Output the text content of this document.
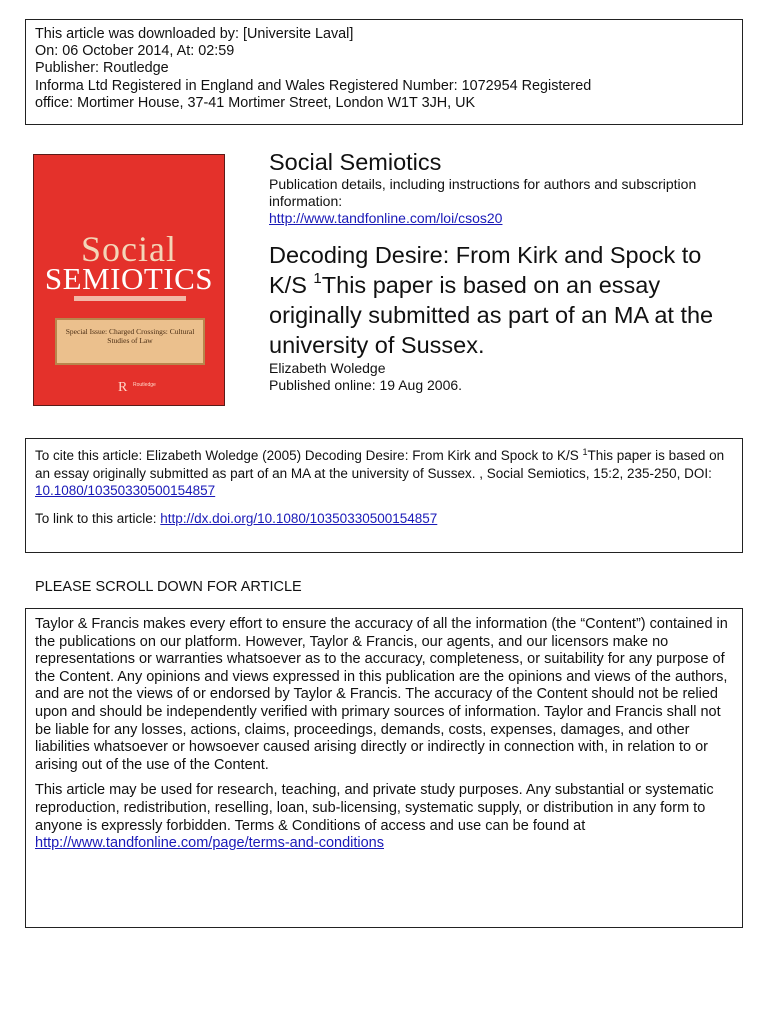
This article was downloaded by: [Universite Laval]
On: 06 October 2014, At: 02:59
Publisher: Routledge
Informa Ltd Registered in England and Wales Registered Number: 1072954 Registered
office: Mortimer House, 37-41 Mortimer Street, London W1T 3JH, UK
Social
SEMIOTICS
Special Issue: Charged Crossings: Cultural Studies of Law
R Routledge
Social Semiotics
Publication details, including instructions for authors and subscription information:
http://www.tandfonline.com/loi/csos20
Decoding Desire: From Kirk and Spock to K/S $^1$This paper is based on an essay originally submitted as part of an MA at the university of Sussex.
Elizabeth Woledge
Published online: 19 Aug 2006.
To cite this article: Elizabeth Woledge (2005) Decoding Desire: From Kirk and Spock to K/S $^1$This paper is based on an essay originally submitted as part of an MA at the university of Sussex. , Social Semiotics, 15:2, 235-250, DOI: 10.1080/10350330500154857
To link to this article: http://dx.doi.org/10.1080/10350330500154857
PLEASE SCROLL DOWN FOR ARTICLE

Taylor & Francis makes every effort to ensure the accuracy of all the information (the “Content”) contained in the publications on our platform. However, Taylor & Francis, our agents, and our licensors make no representations or warranties whatsoever as to the accuracy, completeness, or suitability for any purpose of the Content. Any opinions and views expressed in this publication are the opinions and views of the authors, and are not the views of or endorsed by Taylor & Francis. The accuracy of the Content should not be relied upon and should be independently verified with primary sources of information. Taylor and Francis shall not be liable for any losses, actions, claims, proceedings, demands, costs, expenses, damages, and other liabilities whatsoever or howsoever caused arising directly or indirectly in connection with, in relation to or arising out of the use of the Content.

This article may be used for research, teaching, and private study purposes. Any substantial or systematic reproduction, redistribution, reselling, loan, sub-licensing, systematic supply, or distribution in any form to anyone is expressly forbidden. Terms & Conditions of access and use can be found at http://www.tandfonline.com/page/terms-and-conditions
